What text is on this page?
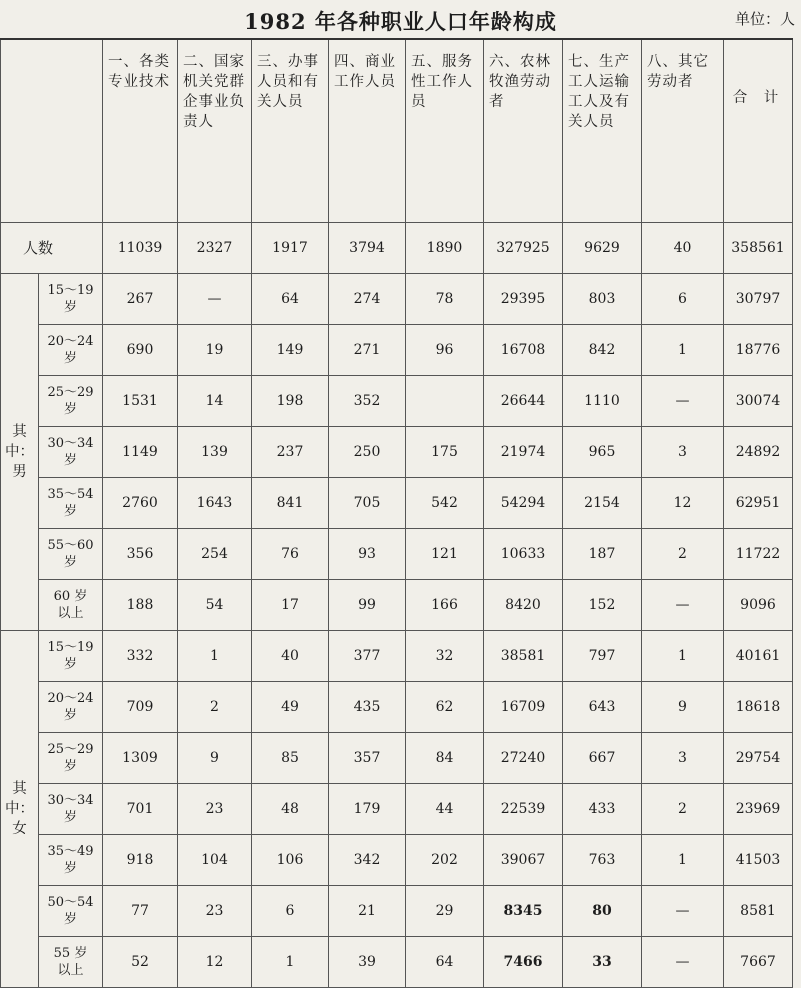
1982 年各种职业人口年龄构成	单位：人
		一、各类专业技术	二、国家机关党群企事业负责人	三、办事人员和有关人员	四、商业工作人员	五、服务性工作人员	六、农林牧渔劳动者	七、生产工人运输工人及有关人员	八、其它劳动者	合 计
人数		11039	2327	1917	3794	1890	327925	9629	40	358561
其中：男	15～19
岁	267	—	64	274	78	29395	803	6	30797

	20～24
岁	690	19	149	271	96	16708	842	1	18776

	25～29
岁	1531	14	198	352		26644	1110	—	30074

	30～34
岁	1149	139	237	250	175	21974	965	3	24892

	35～54
岁	2760	1643	841	705	542	54294	2154	12	62951

	55～60
岁	356	254	76	93	121	10633	187	2	11722

	60 岁
以上	188	54	17	99	166	8420	152	—	9096
其中：女	15～19
岁	332	1	40	377	32	38581	797	1	40161

	20～24
岁	709	2	49	435	62	16709	643	9	18618

	25～29
岁	1309	9	85	357	84	27240	667	3	29754

	30～34
岁	701	23	48	179	44	22539	433	2	23969

	35～49
岁	918	104	106	342	202	39067	763	1	41503

	50～54
岁	77	23	6	21	29	8345	80	—	8581

	55 岁
以上	52	12	1	39	64	7466	33	—	7667
